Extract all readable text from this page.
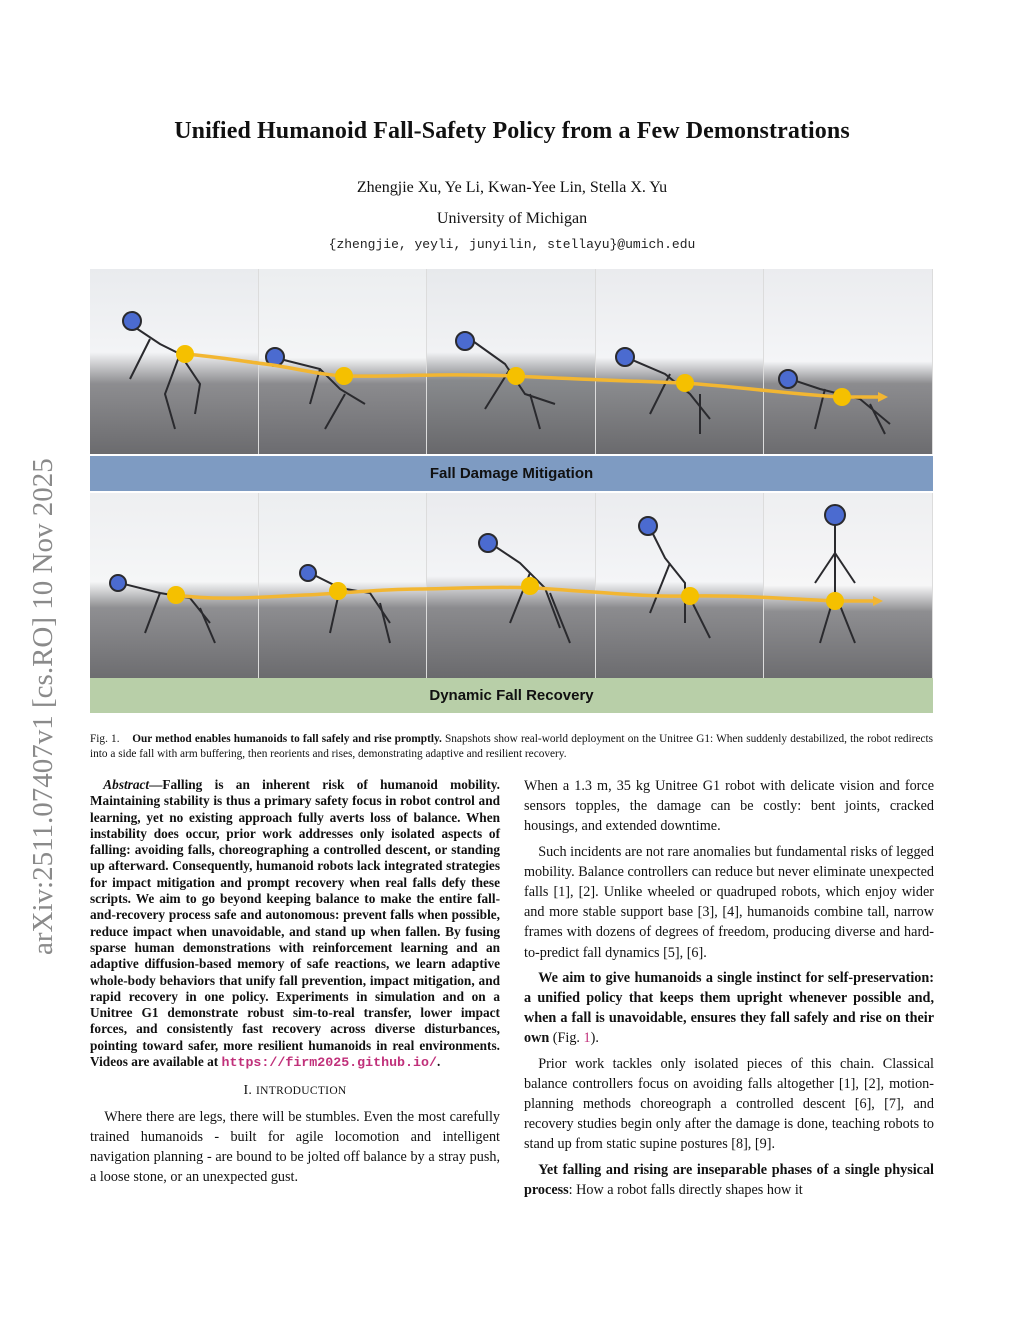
arXiv:2511.07407v1 [cs.RO] 10 Nov 2025
Unified Humanoid Fall-Safety Policy from a Few Demonstrations
Zhengjie Xu, Ye Li, Kwan-Yee Lin, Stella X. Yu
University of Michigan
{zhengjie, yeyli, junyilin, stellayu}@umich.edu
Fall Damage Mitigation
Dynamic Fall Recovery
Fig. 1. Our method enables humanoids to fall safely and rise promptly. Snapshots show real-world deployment on the Unitree G1: When suddenly destabilized, the robot redirects into a side fall with arm buffering, then reorients and rises, demonstrating adaptive and resilient recovery.
Abstract—Falling is an inherent risk of humanoid mobility. Maintaining stability is thus a primary safety focus in robot control and learning, yet no existing approach fully averts loss of balance. When instability does occur, prior work addresses only isolated aspects of falling: avoiding falls, choreographing a controlled descent, or standing up afterward. Consequently, humanoid robots lack integrated strategies for impact mitigation and prompt recovery when real falls defy these scripts. We aim to go beyond keeping balance to make the entire fall-and-recovery process safe and autonomous: prevent falls when possible, reduce impact when unavoidable, and stand up when fallen. By fusing sparse human demonstrations with reinforcement learning and an adaptive diffusion-based memory of safe reactions, we learn adaptive whole-body behaviors that unify fall prevention, impact mitigation, and rapid recovery in one policy. Experiments in simulation and on a Unitree G1 demonstrate robust sim-to-real transfer, lower impact forces, and consistently fast recovery across diverse disturbances, pointing toward safer, more resilient humanoids in real environments. Videos are available at https://firm2025.github.io/.
I. INTRODUCTION

Where there are legs, there will be stumbles. Even the most carefully trained humanoids - built for agile locomotion and intelligent navigation planning - are bound to be jolted off balance by a stray push, a loose stone, or an unexpected gust.

When a 1.3 m, 35 kg Unitree G1 robot with delicate vision and force sensors topples, the damage can be costly: bent joints, cracked housings, and extended downtime.

Such incidents are not rare anomalies but fundamental risks of legged mobility. Balance controllers can reduce but never eliminate unexpected falls [1], [2]. Unlike wheeled or quadruped robots, which enjoy wider and more stable support base [3], [4], humanoids combine tall, narrow frames with dozens of degrees of freedom, producing diverse and hard-to-predict fall dynamics [5], [6].

We aim to give humanoids a single instinct for self-preservation: a unified policy that keeps them upright whenever possible and, when a fall is unavoidable, ensures they fall safely and rise on their own (Fig. 1).

Prior work tackles only isolated pieces of this chain. Classical balance controllers focus on avoiding falls altogether [1], [2], motion-planning methods choreograph a controlled descent [6], [7], and recovery studies begin only after the damage is done, teaching robots to stand up from static supine postures [8], [9].

Yet falling and rising are inseparable phases of a single physical process: How a robot falls directly shapes how it
